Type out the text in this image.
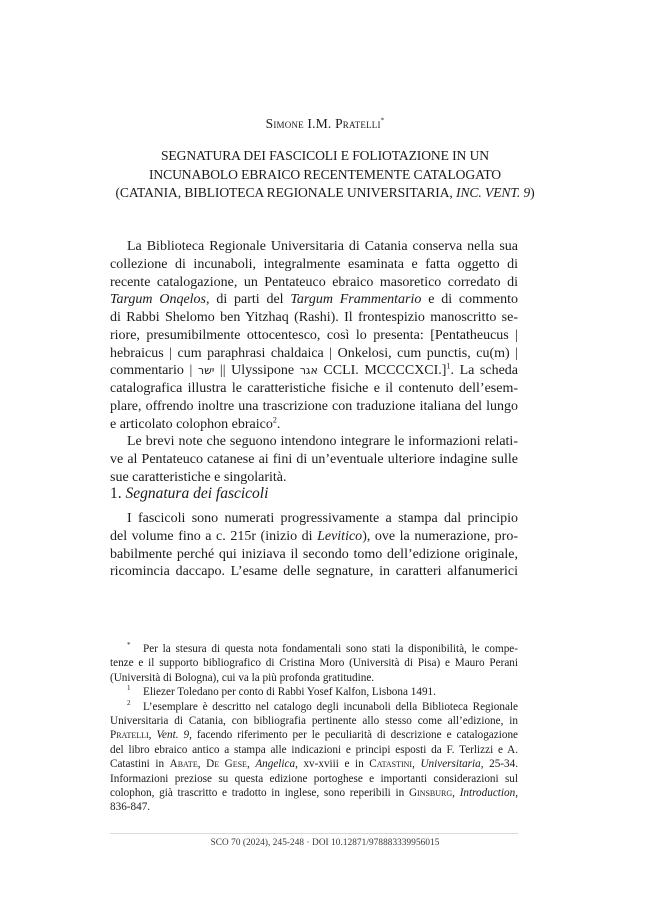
Simone I.M. Pratelli*
SEGNATURA DEI FASCICOLI E FOLIOTAZIONE IN UN
INCUNABOLO EBRAICO RECENTEMENTE CATALOGATO
(CATANIA, BIBLIOTECA REGIONALE UNIVERSITARIA, INC. VENT. 9)
La Biblioteca Regionale Universitaria di Catania conserva nella sua
collezione di incunaboli, integralmente esaminata e fatta oggetto di
recente catalogazione, un Pentateuco ebraico masoretico corredato di
Targum Onqelos, di parti del Targum Frammentario e di commento
di Rabbi Shelomo ben Yitzhaq (Rashi). Il frontespizio manoscritto se-
riore, presumibilmente ottocentesco, così lo presenta: [Pentatheucus |
hebraicus | cum paraphrasi chaldaica | Onkelosi, cum punctis, cu(m) |
commentario | ישר || Ulyssipone אגר CCLI. MCCCCXCI.]$^1$. La scheda
catalografica illustra le caratteristiche fisiche e il contenuto dell’esem-
plare, offrendo inoltre una trascrizione con traduzione italiana del lungo
e articolato colophon ebraico$^2$.
Le brevi note che seguono intendono integrare le informazioni relati-
ve al Pentateuco catanese ai fini di un’eventuale ulteriore indagine sulle
sue caratteristiche e singolarità.
1. Segnatura dei fascicoli
I fascicoli sono numerati progressivamente a stampa dal principio
del volume fino a c. 215r (inizio di Levitico), ove la numerazione, pro-
babilmente perché qui iniziava il secondo tomo dell’edizione originale,
ricomincia daccapo. L’esame delle segnature, in caratteri alfanumerici
* Per la stesura di questa nota fondamentali sono stati la disponibilità, le compe-
tenze e il supporto bibliografico di Cristina Moro (Università di Pisa) e Mauro Perani
(Università di Bologna), cui va la più profonda gratitudine.
1 Eliezer Toledano per conto di Rabbi Yosef Kalfon, Lisbona 1491.
2 L’esemplare è descritto nel catalogo degli incunaboli della Biblioteca Regionale
Universitaria di Catania, con bibliografia pertinente allo stesso come all’edizione, in
Pratelli, Vent. 9, facendo riferimento per le peculiarità di descrizione e catalogazione
del libro ebraico antico a stampa alle indicazioni e principi esposti da F. Terlizzi e A.
Catastini in Abate, De Gese, Angelica, xv-xviii e in Catastini, Universitaria, 25-34.
Informazioni preziose su questa edizione portoghese e importanti considerazioni sul
colophon, già trascritto e tradotto in inglese, sono reperibili in Ginsburg, Introduction,
836-847.
SCO 70 (2024), 245-248 · DOI 10.12871/978883339956015
